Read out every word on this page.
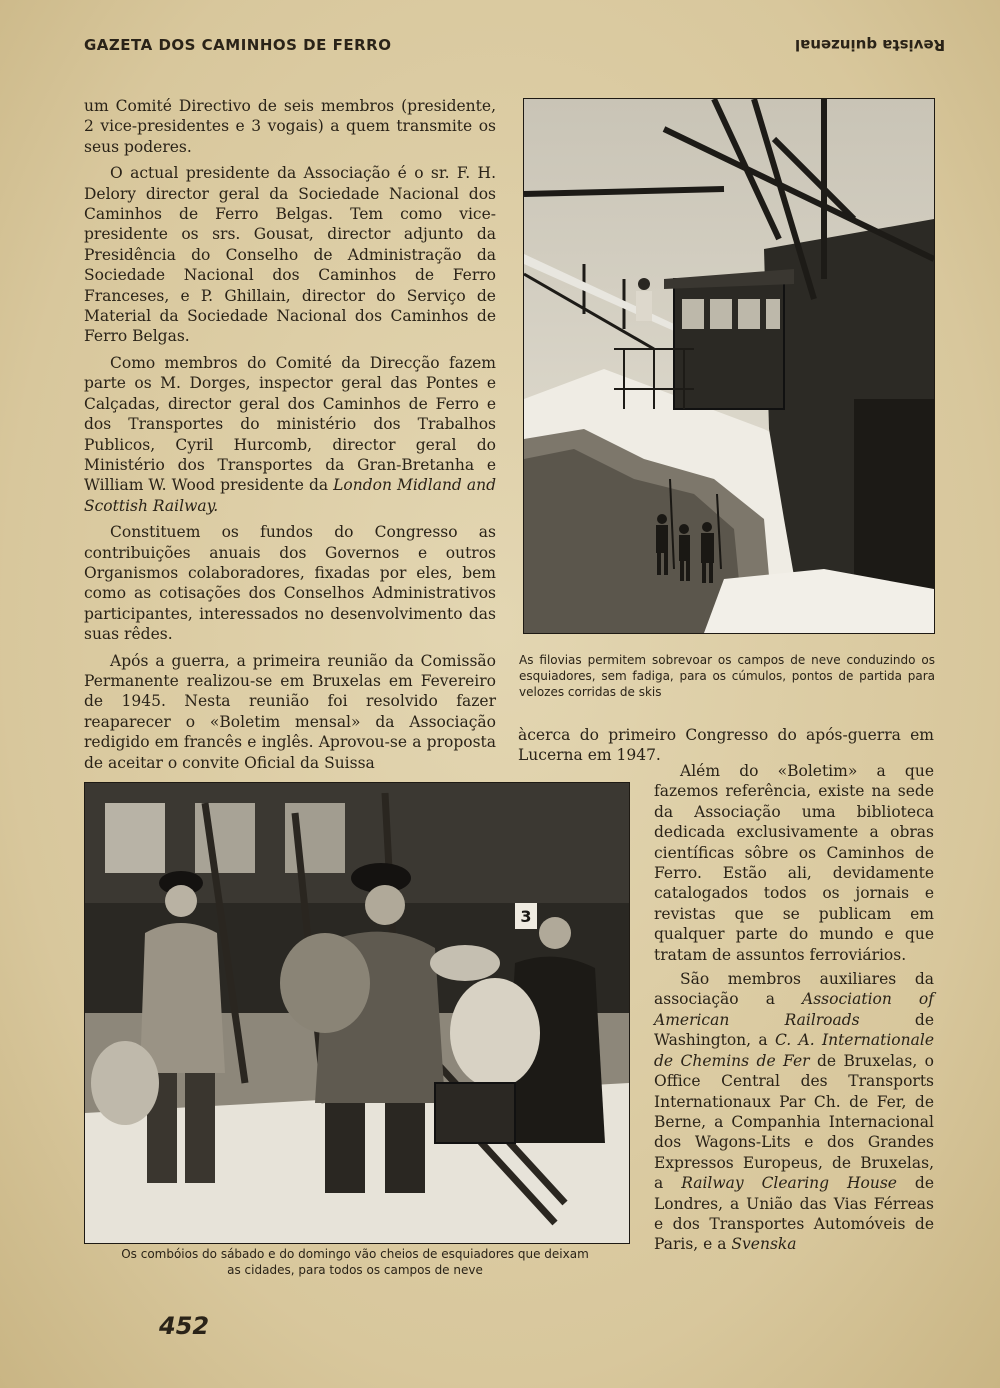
GAZETA DOS CAMINHOS DE FERRO	Revista quinzenal

um Comité Directivo de seis membros (presidente, 2 vice-presidentes e 3 vogais) a quem transmite os seus poderes.

O actual presidente da Associação é o sr. F. H. Delory director geral da Sociedade Nacional dos Caminhos de Ferro Belgas. Tem como vice-presidente os srs. Gousat, director adjunto da Presidência do Conselho de Administração da Sociedade Nacional dos Caminhos de Ferro Franceses, e P. Ghillain, director do Serviço de Material da Sociedade Nacional dos Caminhos de Ferro Belgas.

Como membros do Comité da Direcção fazem parte os M. Dorges, inspector geral das Pontes e Calçadas, director geral dos Caminhos de Ferro e dos Transportes do ministério dos Trabalhos Publicos, Cyril Hurcomb, director geral do Ministério dos Transportes da Gran-Bretanha e William W. Wood presidente da London Midland and Scottish Railway.

Constituem os fundos do Congresso as contribuições anuais dos Governos e outros Organismos colaboradores, fixadas por eles, bem como as cotisações dos Conselhos Administrativos participantes, interessados no desenvolvimento das suas rêdes.

Após a guerra, a primeira reunião da Comissão Permanente realizou-se em Bruxelas em Fevereiro de 1945. Nesta reunião foi resolvido fazer reaparecer o «Boletim mensal» da Associação redigido em francês e inglês. Aprovou-se a proposta de aceitar o convite Oficial da Suissa

As filovias permitem sobrevoar os campos de neve conduzindo os esquiadores, sem fadiga, para os cúmulos, pontos de partida para velozes corridas de skis

àcerca do primeiro Congresso do após-guerra em Lucerna em 1947.

3
Os combóios do sábado e do domingo vão cheios de esquiadores que deixam as cidades, para todos os campos de neve

Além do «Boletim» a que fazemos referência, existe na sede da Associação uma biblioteca dedicada exclusivamente a obras científicas sôbre os Caminhos de Ferro. Estão ali, devidamente catalogados todos os jornais e revistas que se publicam em qualquer parte do mundo e que tratam de assuntos ferroviários.

São membros auxiliares da associação a Association of American Railroads de Washington, a C. A. Internationale de Chemins de Fer de Bruxelas, o Office Central des Transports Internationaux Par Ch. de Fer, de Berne, a Companhia Internacional dos Wagons-Lits e dos Grandes Expressos Europeus, de Bruxelas, a Railway Clearing House de Londres, a União das Vias Férreas e dos Transportes Automóveis de Paris, e a Svenska

452
